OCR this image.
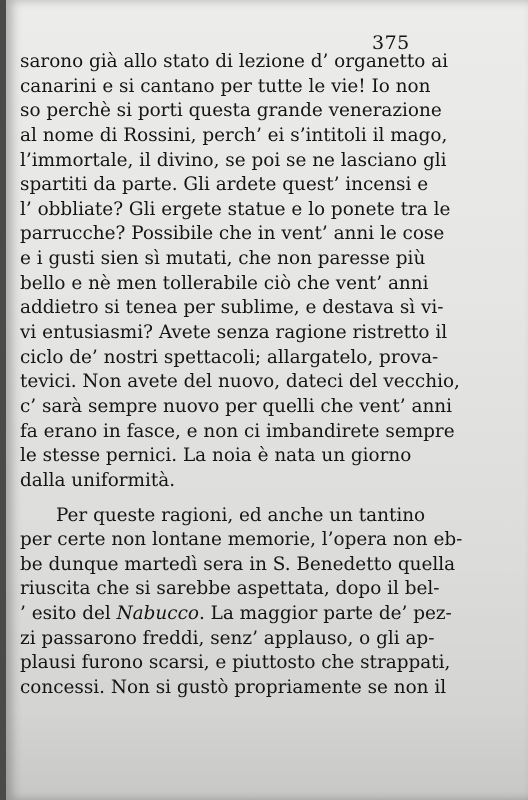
375
sarono già allo stato di lezione d’ organetto ai
canarini e si cantano per tutte le vie! Io non
so perchè si porti questa grande venerazione
al nome di Rossini, perch’ ei s’intitoli il mago,
l’immortale, il divino, se poi se ne lasciano gli
spartiti da parte. Gli ardete quest’ incensi e
l’ obbliate? Gli ergete statue e lo ponete tra le
parrucche? Possibile che in vent’ anni le cose
e i gusti sien sì mutati, che non paresse più
bello e nè men tollerabile ciò che vent’ anni
addietro si tenea per sublime, e destava sì vi-
vi entusiasmi? Avete senza ragione ristretto il
ciclo de’ nostri spettacoli; allargatelo, prova-
tevici. Non avete del nuovo, dateci del vecchio,
c’ sarà sempre nuovo per quelli che vent’ anni
fa erano in fasce, e non ci imbandirete sempre
le stesse pernici. La noia è nata un giorno
dalla uniformità.
Per queste ragioni, ed anche un tantino
per certe non lontane memorie, l’opera non eb-
be dunque martedì sera in S. Benedetto quella
riuscita che si sarebbe aspettata, dopo il bel-
’ esito del Nabucco. La maggior parte de’ pez-
zi passarono freddi, senz’ applauso, o gli ap-
plausi furono scarsi, e piuttosto che strappati,
concessi. Non si gustò propriamente se non il
